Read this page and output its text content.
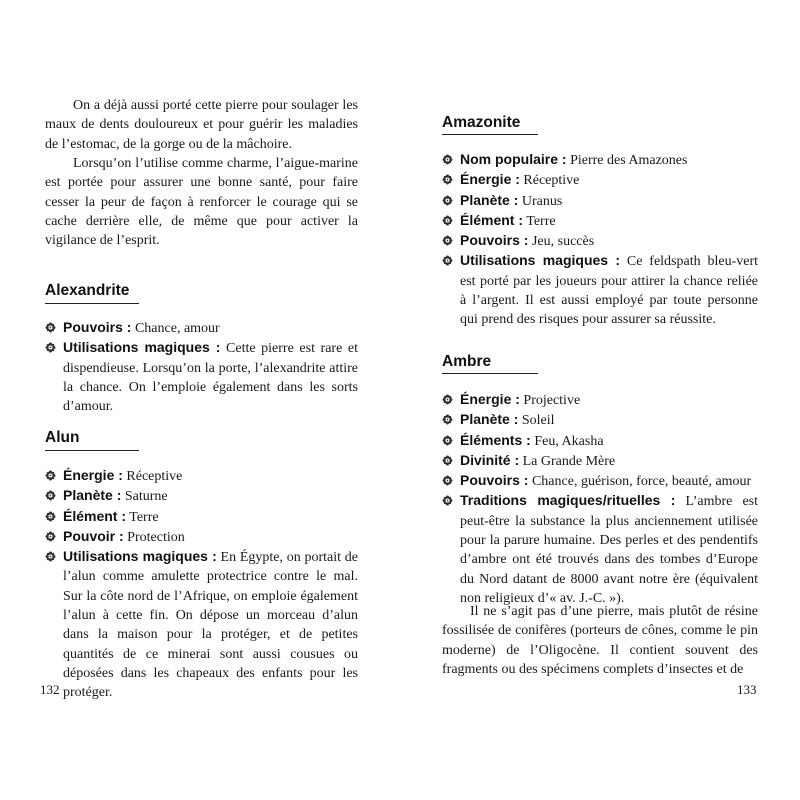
On a déjà aussi porté cette pierre pour soulager les maux de dents douloureux et pour guérir les maladies de l’estomac, de la gorge ou de la mâchoire.

Lorsqu’on l’utilise comme charme, l’aigue-marine est portée pour assurer une bonne santé, pour faire cesser la peur de façon à renforcer le courage qui se cache derrière elle, de même que pour activer la vigilance de l’esprit.

Alexandrite
Pouvoirs : Chance, amour
Utilisations magiques : Cette pierre est rare et dispendieuse. Lorsqu’on la porte, l’alexandrite attire la chance. On l’emploie également dans les sorts d’amour.
Alun
Énergie : Réceptive
Planète : Saturne
Élément : Terre
Pouvoir : Protection
Utilisations magiques : En Égypte, on portait de l’alun comme amulette protectrice contre le mal. Sur la côte nord de l’Afrique, on emploie également l’alun à cette fin. On dépose un morceau d’alun dans la maison pour la protéger, et de petites quantités de ce minerai sont aussi cousues ou déposées dans les chapeaux des enfants pour les protéger.

132

Amazonite
Nom populaire : Pierre des Amazones
Énergie : Réceptive
Planète : Uranus
Élément : Terre
Pouvoirs : Jeu, succès
Utilisations magiques : Ce feldspath bleu-vert est porté par les joueurs pour attirer la chance reliée à l’argent. Il est aussi employé par toute personne qui prend des risques pour assurer sa réussite.
Ambre
Énergie : Projective
Planète : Soleil
Éléments : Feu, Akasha
Divinité : La Grande Mère
Pouvoirs : Chance, guérison, force, beauté, amour
Traditions magiques/rituelles : L’ambre est peut-être la substance la plus anciennement utilisée pour la parure humaine. Des perles et des pendentifs d’ambre ont été trouvés dans des tombes d’Europe du Nord datant de 8000 avant notre ère (équivalent non religieux d’« av. J.-C. »).

Il ne s’agit pas d’une pierre, mais plutôt de résine fossilisée de conifères (porteurs de cônes, comme le pin moderne) de l’Oligocène. Il contient souvent des fragments ou des spécimens complets d’insectes et de

133
